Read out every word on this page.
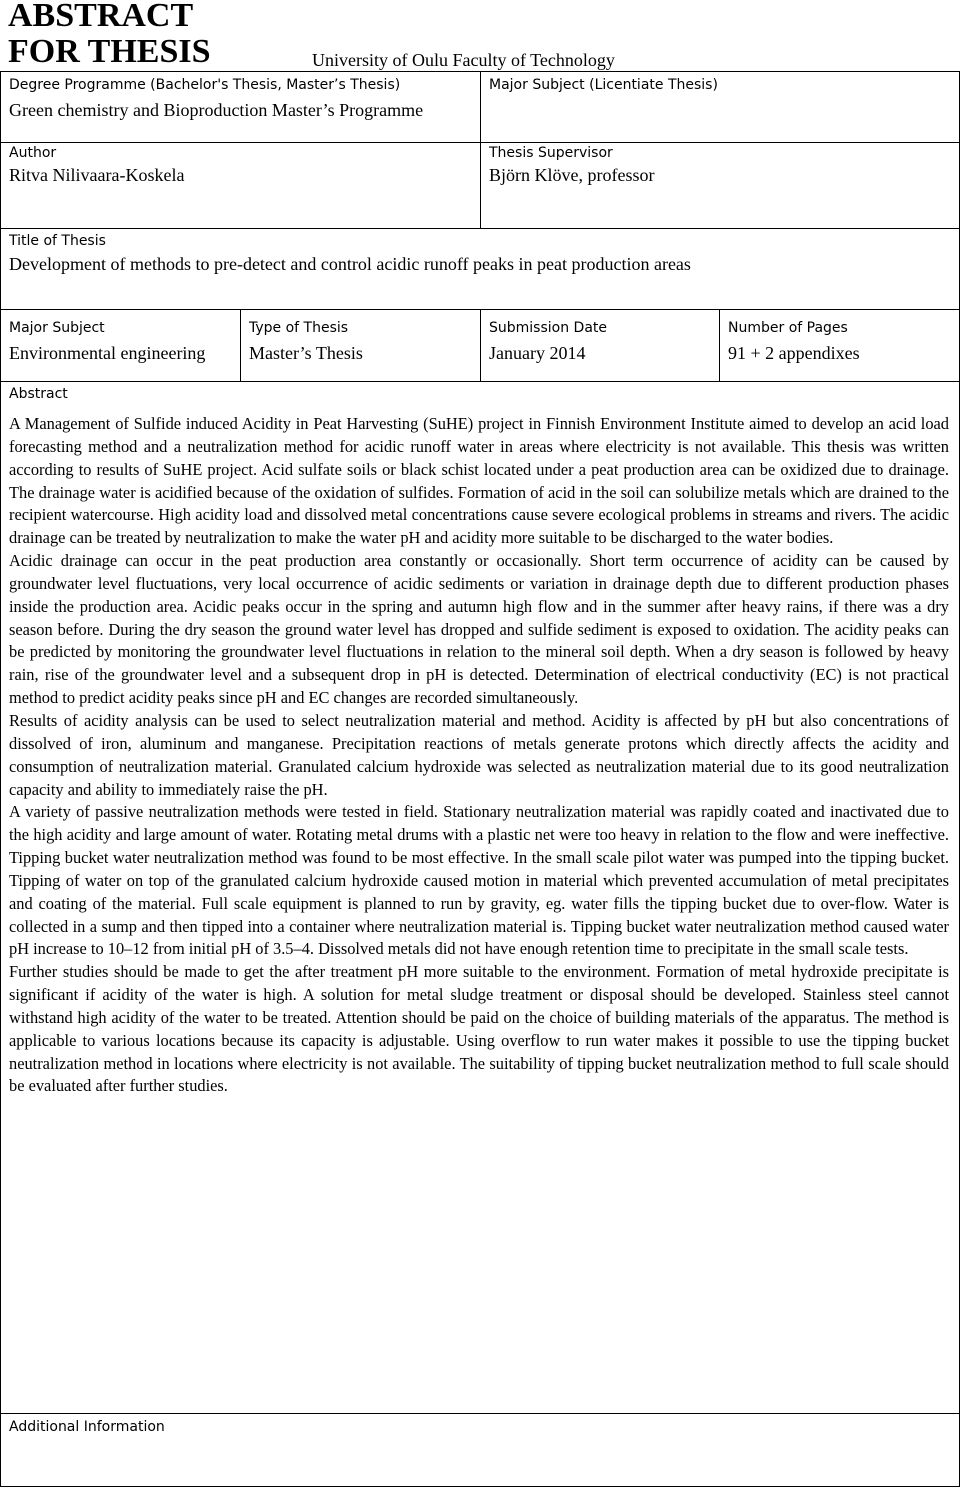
ABSTRACT
FOR THESIS	University of Oulu Faculty of Technology
Degree Programme (Bachelor's Thesis, Master’s Thesis)
Green chemistry and Bioproduction Master’s Programme
Major Subject (Licentiate Thesis)
Author
Ritva Nilivaara-Koskela
Thesis Supervisor
Björn Klöve, professor
Title of Thesis
Development of methods to pre-detect and control acidic runoff peaks in peat production areas
Major Subject
Environmental engineering
Type of Thesis
Master’s Thesis
Submission Date
January 2014
Number of Pages
91 + 2 appendixes
Abstract

A Management of Sulfide induced Acidity in Peat Harvesting (SuHE) project in Finnish Environment Institute aimed to develop an acid load forecasting method and a neutralization method for acidic runoff water in areas where electricity is not available. This thesis was written according to results of SuHE project. Acid sulfate soils or black schist located under a peat production area can be oxidized due to drainage. The drainage water is acidified because of the oxidation of sulfides. Formation of acid in the soil can solubilize metals which are drained to the recipient watercourse. High acidity load and dissolved metal concentrations cause severe ecological problems in streams and rivers. The acidic drainage can be treated by neutralization to make the water pH and acidity more suitable to be discharged to the water bodies.

Acidic drainage can occur in the peat production area constantly or occasionally. Short term occurrence of acidity can be caused by groundwater level fluctuations, very local occurrence of acidic sediments or variation in drainage depth due to different production phases inside the production area. Acidic peaks occur in the spring and autumn high flow and in the summer after heavy rains, if there was a dry season before. During the dry season the ground water level has dropped and sulfide sediment is exposed to oxidation. The acidity peaks can be predicted by monitoring the groundwater level fluctuations in relation to the mineral soil depth. When a dry season is followed by heavy rain, rise of the groundwater level and a subsequent drop in pH is detected. Determination of electrical conductivity (EC) is not practical method to predict acidity peaks since pH and EC changes are recorded simultaneously.

Results of acidity analysis can be used to select neutralization material and method. Acidity is affected by pH but also concentrations of dissolved of iron, aluminum and manganese. Precipitation reactions of metals generate protons which directly affects the acidity and consumption of neutralization material. Granulated calcium hydroxide was selected as neutralization material due to its good neutralization capacity and ability to immediately raise the pH.

A variety of passive neutralization methods were tested in field. Stationary neutralization material was rapidly coated and inactivated due to the high acidity and large amount of water. Rotating metal drums with a plastic net were too heavy in relation to the flow and were ineffective. Tipping bucket water neutralization method was found to be most effective. In the small scale pilot water was pumped into the tipping bucket. Tipping of water on top of the granulated calcium hydroxide caused motion in material which prevented accumulation of metal precipitates and coating of the material. Full scale equipment is planned to run by gravity, eg. water fills the tipping bucket due to over-flow. Water is collected in a sump and then tipped into a container where neutralization material is. Tipping bucket water neutralization method caused water pH increase to 10–12 from initial pH of 3.5–4. Dissolved metals did not have enough retention time to precipitate in the small scale tests.

Further studies should be made to get the after treatment pH more suitable to the environment. Formation of metal hydroxide precipitate is significant if acidity of the water is high. A solution for metal sludge treatment or disposal should be developed. Stainless steel cannot withstand high acidity of the water to be treated. Attention should be paid on the choice of building materials of the apparatus. The method is applicable to various locations because its capacity is adjustable. Using overflow to run water makes it possible to use the tipping bucket neutralization method in locations where electricity is not available. The suitability of tipping bucket neutralization method to full scale should be evaluated after further studies.

Additional Information
